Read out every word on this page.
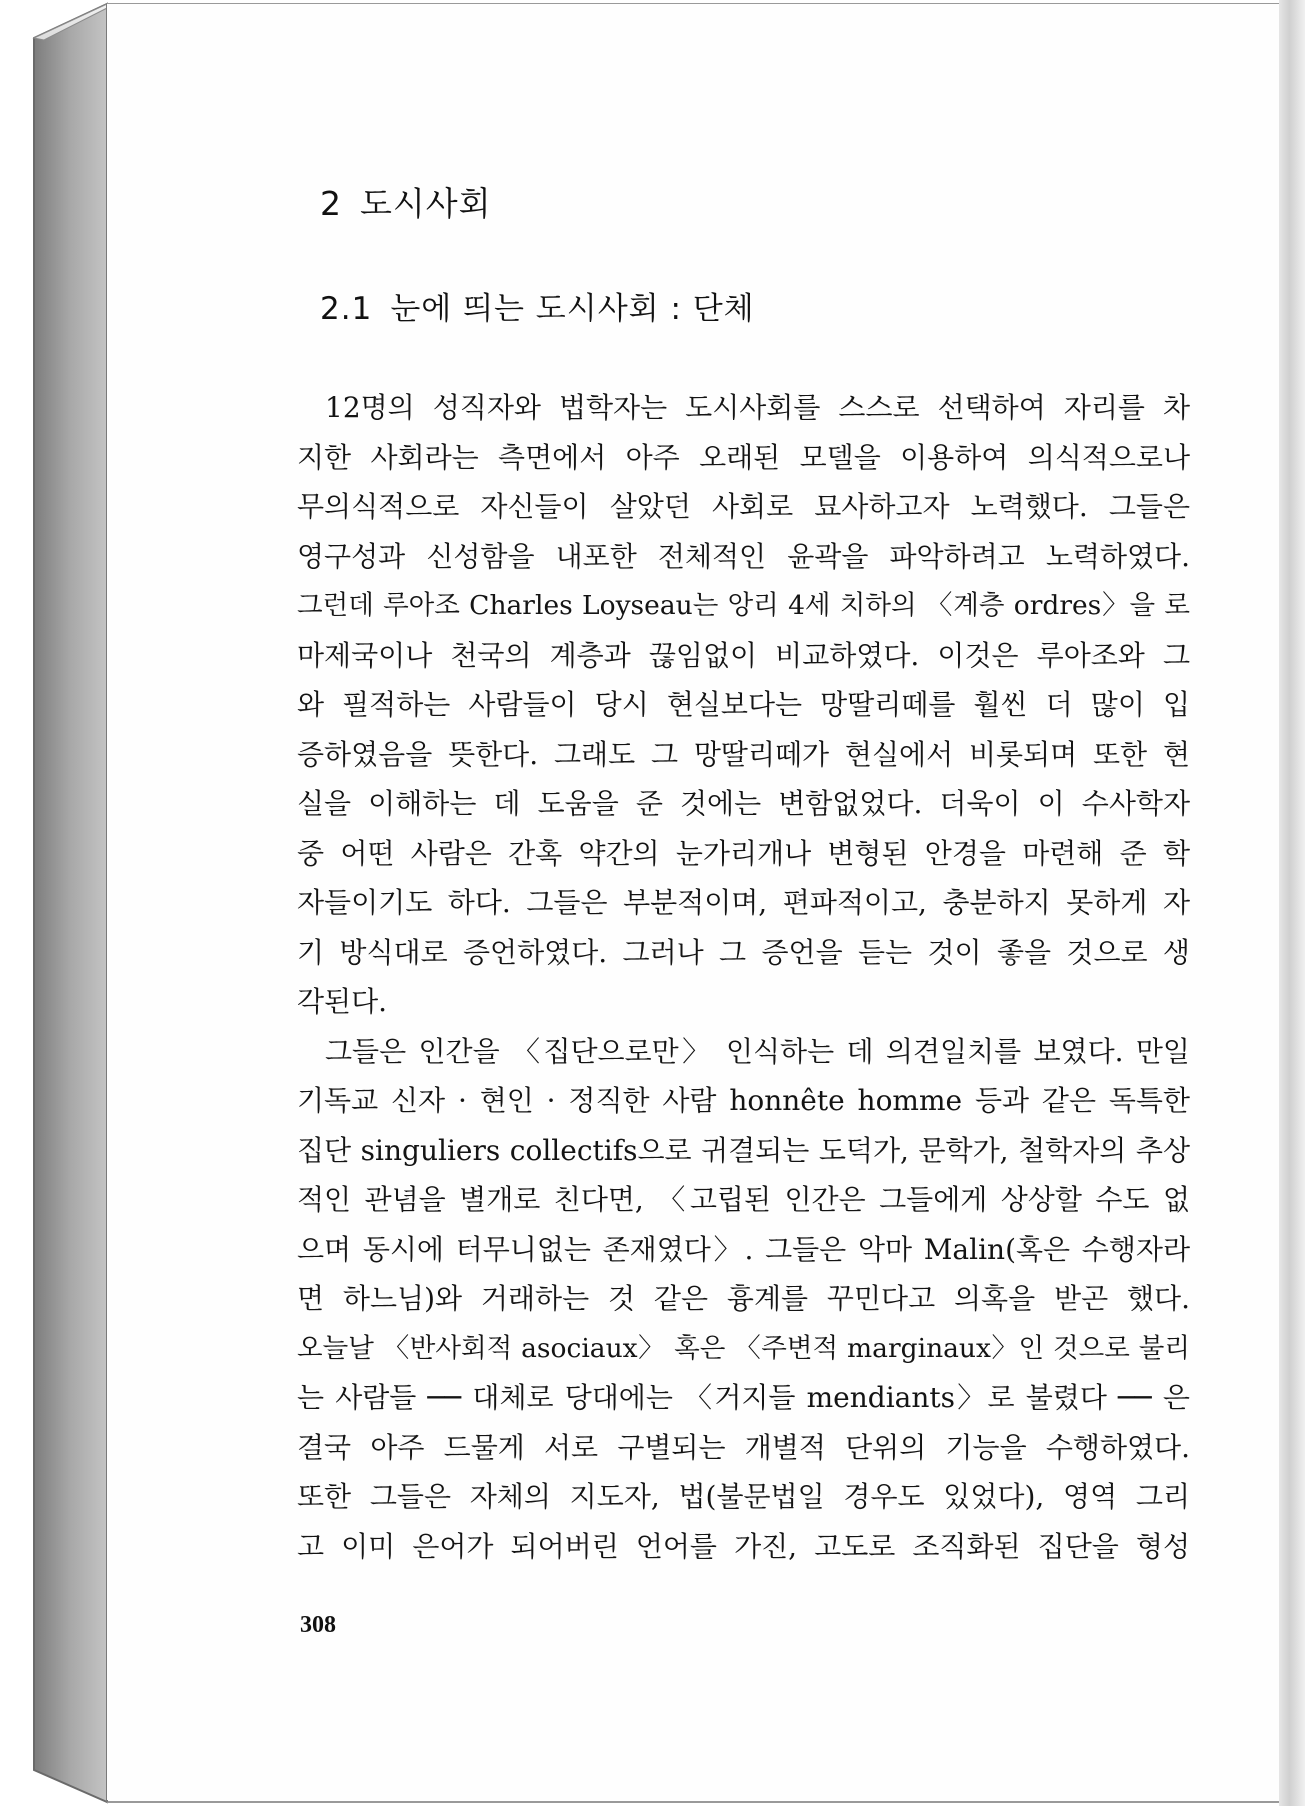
2 도시사회
2.1 눈에 띄는 도시사회 : 단체
12명의 성직자와 법학자는 도시사회를 스스로 선택하여 자리를 차
지한 사회라는 측면에서 아주 오래된 모델을 이용하여 의식적으로나
무의식적으로 자신들이 살았던 사회로 묘사하고자 노력했다. 그들은
영구성과 신성함을 내포한 전체적인 윤곽을 파악하려고 노력하였다.
그런데 루아조 Charles Loyseau는 앙리 4세 치하의 〈계층 ordres〉을 로
마제국이나 천국의 계층과 끊임없이 비교하였다. 이것은 루아조와 그
와 필적하는 사람들이 당시 현실보다는 망딸리떼를 훨씬 더 많이 입
증하였음을 뜻한다. 그래도 그 망딸리떼가 현실에서 비롯되며 또한 현
실을 이해하는 데 도움을 준 것에는 변함없었다. 더욱이 이 수사학자
중 어떤 사람은 간혹 약간의 눈가리개나 변형된 안경을 마련해 준 학
자들이기도 하다. 그들은 부분적이며, 편파적이고, 충분하지 못하게 자
기 방식대로 증언하였다. 그러나 그 증언을 듣는 것이 좋을 것으로 생
각된다.
그들은 인간을 〈집단으로만〉 인식하는 데 의견일치를 보였다. 만일
기독교 신자 · 현인 · 정직한 사람 honnête homme 등과 같은 독특한
집단 singuliers collectifs으로 귀결되는 도덕가, 문학가, 철학자의 추상
적인 관념을 별개로 친다면, 〈고립된 인간은 그들에게 상상할 수도 없
으며 동시에 터무니없는 존재였다〉. 그들은 악마 Malin(혹은 수행자라
면 하느님)와 거래하는 것 같은 흉계를 꾸민다고 의혹을 받곤 했다.
오늘날 〈반사회적 asociaux〉 혹은 〈주변적 marginaux〉인 것으로 불리
는 사람들 ── 대체로 당대에는 〈거지들 mendiants〉로 불렸다 ── 은
결국 아주 드물게 서로 구별되는 개별적 단위의 기능을 수행하였다.
또한 그들은 자체의 지도자, 법(불문법일 경우도 있었다), 영역 그리
고 이미 은어가 되어버린 언어를 가진, 고도로 조직화된 집단을 형성
308
